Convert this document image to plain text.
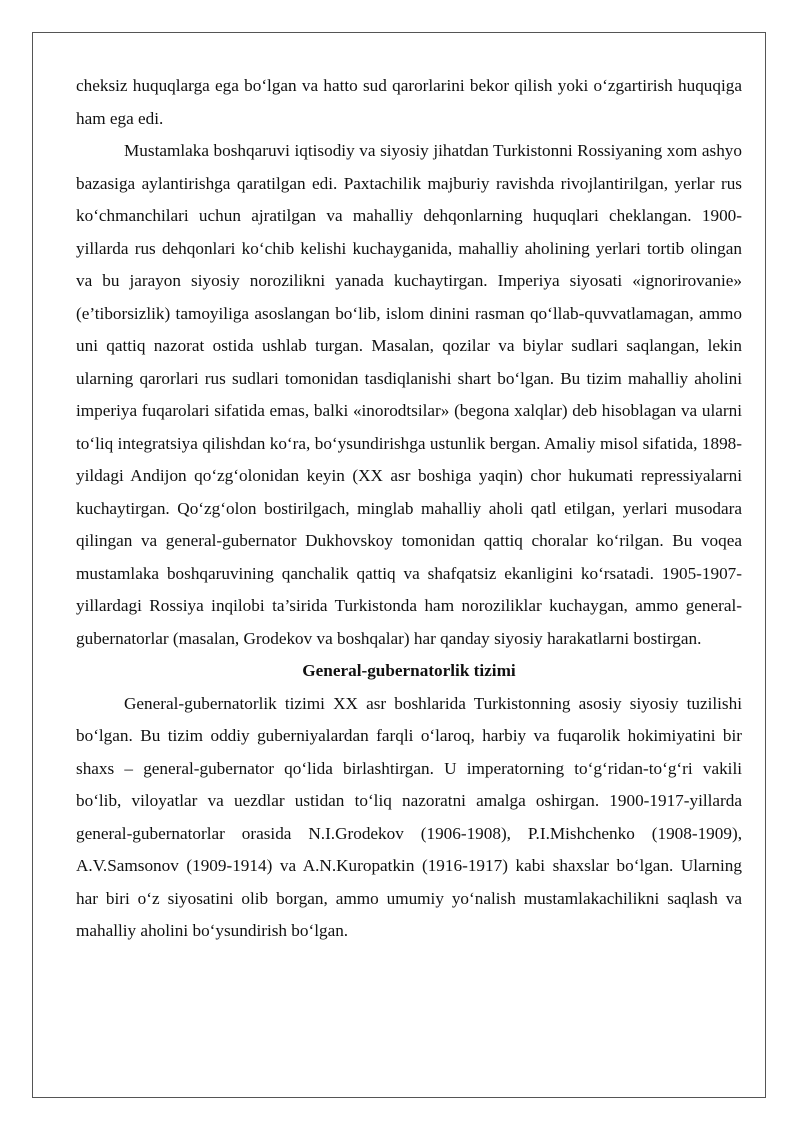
cheksiz huquqlarga ega bo‘lgan va hatto sud qarorlarini bekor qilish yoki o‘zgartirish huquqiga ham ega edi.

Mustamlaka boshqaruvi iqtisodiy va siyosiy jihatdan Turkistonni Rossiyaning xom ashyo bazasiga aylantirishga qaratilgan edi. Paxtachilik majburiy ravishda rivojlantirilgan, yerlar rus ko‘chmanchilari uchun ajratilgan va mahalliy dehqonlarning huquqlari cheklangan. 1900-yillarda rus dehqonlari ko‘chib kelishi kuchayganida, mahalliy aholining yerlari tortib olingan va bu jarayon siyosiy norozilikni yanada kuchaytirgan. Imperiya siyosati «ignorirovanie» (e’tiborsizlik) tamoyiliga asoslangan bo‘lib, islom dinini rasman qo‘llab-quvvatlamagan, ammo uni qattiq nazorat ostida ushlab turgan. Masalan, qozilar va biylar sudlari saqlangan, lekin ularning qarorlari rus sudlari tomonidan tasdiqlanishi shart bo‘lgan. Bu tizim mahalliy aholini imperiya fuqarolari sifatida emas, balki «inorodtsilar» (begona xalqlar) deb hisoblagan va ularni to‘liq integratsiya qilishdan ko‘ra, bo‘ysundirishga ustunlik bergan. Amaliy misol sifatida, 1898-yildagi Andijon qo‘zg‘olonidan keyin (XX asr boshiga yaqin) chor hukumati repressiyalarni kuchaytirgan. Qo‘zg‘olon bostirilgach, minglab mahalliy aholi qatl etilgan, yerlari musodara qilingan va general-gubernator Dukhovskoy tomonidan qattiq choralar ko‘rilgan. Bu voqea mustamlaka boshqaruvining qanchalik qattiq va shafqatsiz ekanligini ko‘rsatadi. 1905-1907-yillardagi Rossiya inqilobi ta’sirida Turkistonda ham noroziliklar kuchaygan, ammo general-gubernatorlar (masalan, Grodekov va boshqalar) har qanday siyosiy harakatlarni bostirgan.

General-gubernatorlik tizimi

General-gubernatorlik tizimi XX asr boshlarida Turkistonning asosiy siyosiy tuzilishi bo‘lgan. Bu tizim oddiy guberniyalardan farqli o‘laroq, harbiy va fuqarolik hokimiyatini bir shaxs – general-gubernator qo‘lida birlashtirgan. U imperatorning to‘g‘ridan-to‘g‘ri vakili bo‘lib, viloyatlar va uezdlar ustidan to‘liq nazoratni amalga oshirgan. 1900-1917-yillarda general-gubernatorlar orasida N.I.Grodekov (1906-1908), P.I.Mishchenko (1908-1909), A.V.Samsonov (1909-1914) va A.N.Kuropatkin (1916-1917) kabi shaxslar bo‘lgan. Ularning har biri o‘z siyosatini olib borgan, ammo umumiy yo‘nalish mustamlakachilikni saqlash va mahalliy aholini bo‘ysundirish bo‘lgan.
